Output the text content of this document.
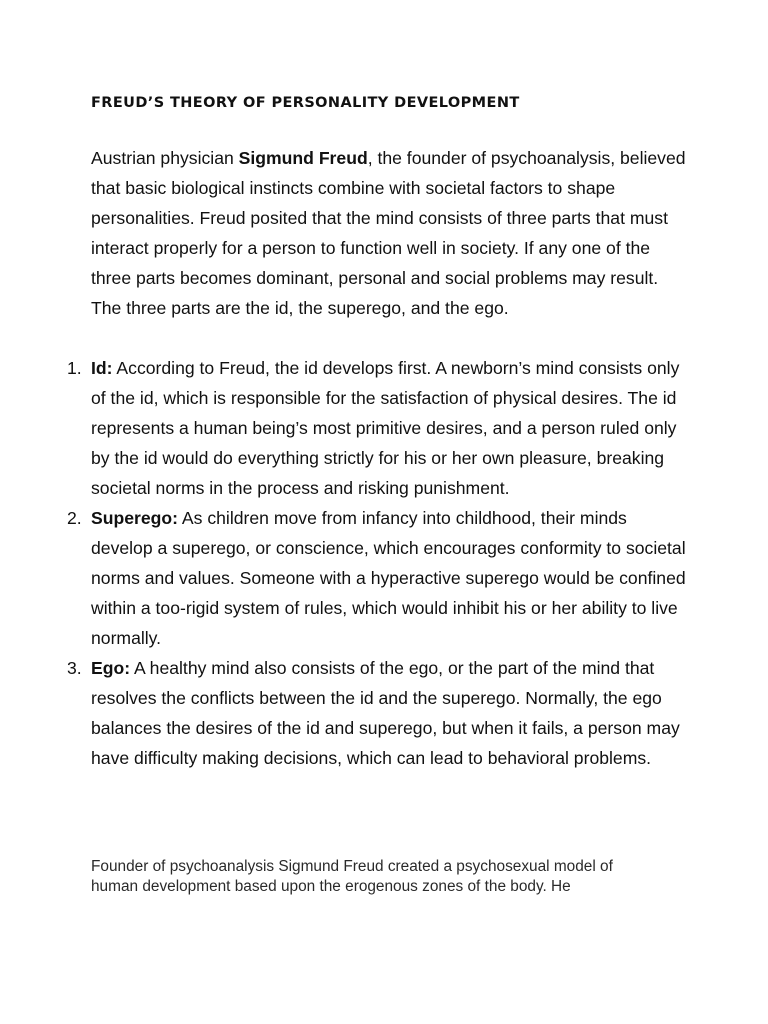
FREUD’S THEORY OF PERSONALITY DEVELOPMENT

Austrian physician Sigmund Freud, the founder of psychoanalysis, believed that basic biological instincts combine with societal factors to shape personalities. Freud posited that the mind consists of three parts that must interact properly for a person to function well in society. If any one of the three parts becomes dominant, personal and social problems may result. The three parts are the id, the superego, and the ego.

1. Id: According to Freud, the id develops first. A newborn’s mind consists only of the id, which is responsible for the satisfaction of physical desires. The id represents a human being’s most primitive desires, and a person ruled only by the id would do everything strictly for his or her own pleasure, breaking societal norms in the process and risking punishment.
2. Superego: As children move from infancy into childhood, their minds develop a superego, or conscience, which encourages conformity to societal norms and values. Someone with a hyperactive superego would be confined within a too-rigid system of rules, which would inhibit his or her ability to live normally.
3. Ego: A healthy mind also consists of the ego, or the part of the mind that resolves the conflicts between the id and the superego. Normally, the ego balances the desires of the id and superego, but when it fails, a person may have difficulty making decisions, which can lead to behavioral problems.

Founder of psychoanalysis Sigmund Freud created a psychosexual model of
human development based upon the erogenous zones of the body. He
